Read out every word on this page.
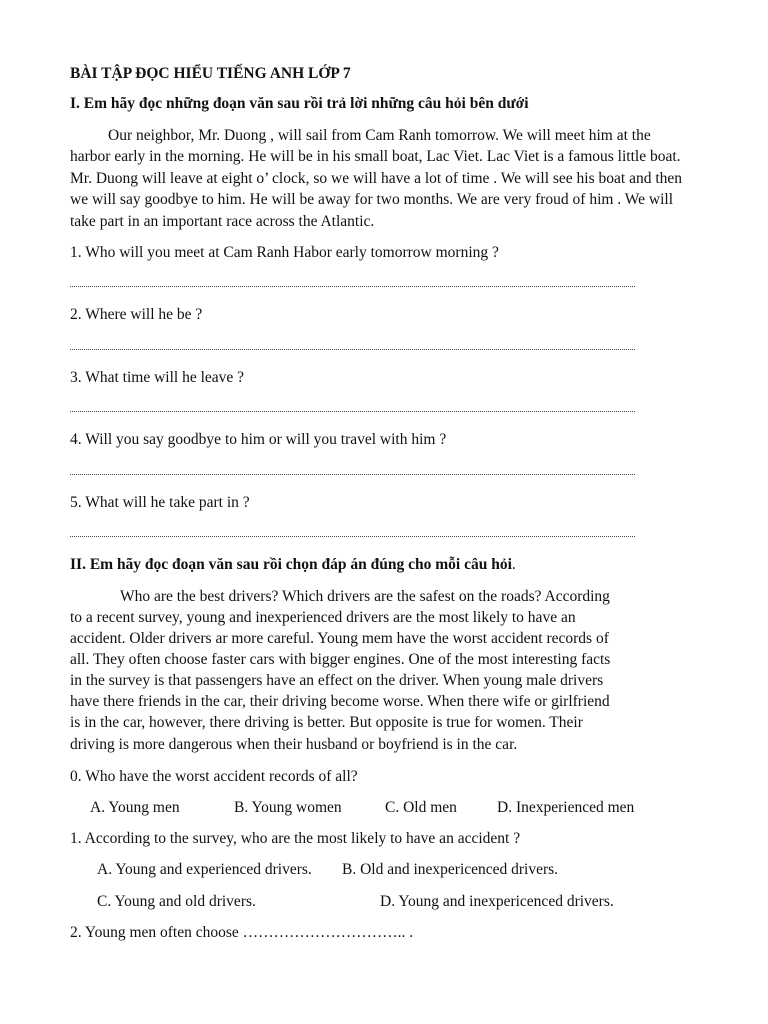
BÀI TẬP ĐỌC HIỂU TIẾNG ANH LỚP 7
I. Em hãy đọc những đoạn văn sau rồi trả lời những câu hỏi bên dưới
Our neighbor, Mr. Duong , will sail from Cam Ranh tomorrow. We will meet him at the
harbor early in the morning. He will be in his small boat, Lac Viet. Lac Viet is a famous little boat.
Mr. Duong will leave at eight o’ clock, so we will have a lot of time . We will see his boat and then
we will say goodbye to him. He will be away for two months. We are very froud of him . We will
take part in an important race across the Atlantic.
1. Who will you meet at Cam Ranh Habor early tomorrow morning ?
2. Where will he be ?
3. What time will he leave ?
4. Will you say goodbye to him or will you travel with him ?
5. What will he take part in ?
II. Em hãy đọc đoạn văn sau rồi chọn đáp án đúng cho mỗi câu hỏi.
Who are the best drivers? Which drivers are the safest on the roads? According
to a recent survey, young and inexperienced drivers are the most likely to have an
accident. Older drivers ar more careful. Young mem have the worst accident records of
all. They often choose faster cars with bigger engines. One of the most interesting facts
in the survey is that passengers have an effect on the driver. When young male drivers
have there friends in the car, their driving become worse. When there wife or girlfriend
is in the car, however, there driving is better. But opposite is true for women. Their
driving is more dangerous when their husband or boyfriend is in the car.
0. Who have the worst accident records of all?
A. Young men	B. Young women	C. Old men	D. Inexperienced men
1. According to the survey, who are the most likely to have an accident ?
A. Young and experienced drivers. B. Old and inexpericenced drivers.
C. Young and old drivers.	D. Young and inexpericenced drivers.
2. Young men often choose ………………………….. .
